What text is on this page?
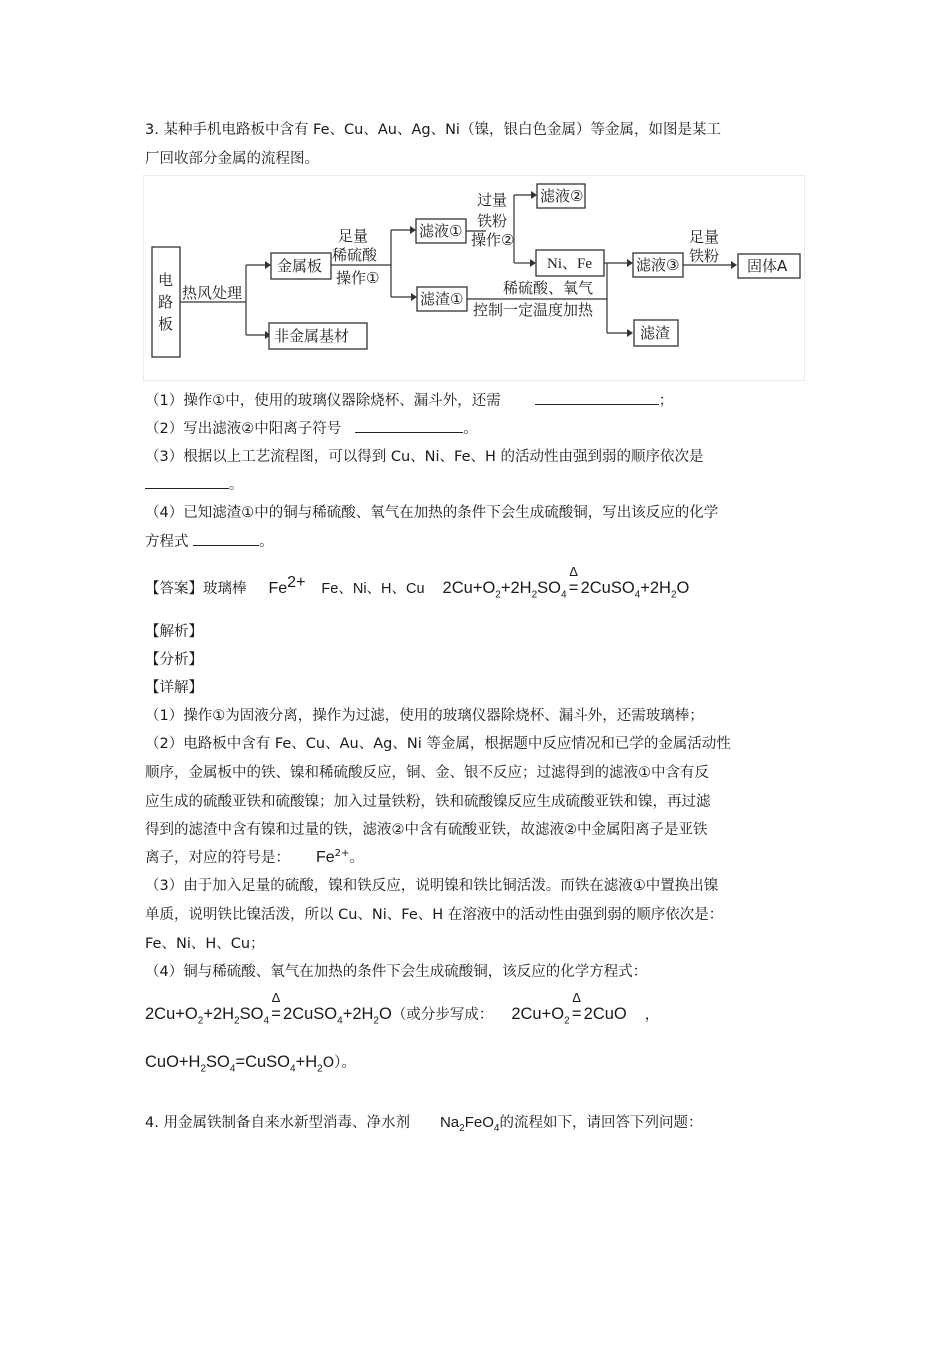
3. 某种手机电路板中含有 Fe、Cu、Au、Ag、Ni（镍，银白色金属）等金属，如图是某工
厂回收部分金属的流程图。
电
路
板
热风处理
金属板
非金属基材
足量
稀硫酸
操作①
滤液①
滤渣①
过量
铁粉
操作②
滤液②
Ni、Fe
稀硫酸、氧气
控制一定温度加热
滤液③
滤渣
足量
铁粉
固体A
（1）操作①中，使用的玻璃仪器除烧杯、漏斗外，还需	；
（2）写出滤液②中阳离子符号	。
（3）根据以上工艺流程图，可以得到 Cu、Ni、Fe、H 的活动性由强到弱的顺序依次是
。
（4）已知滤渣①中的铜与稀硫酸、氧气在加热的条件下会生成硫酸铜，写出该反应的化学
方程式	。
【答案】玻璃棒 $Fe^{2+}$ Fe、Ni、H、Cu $2Cu+O_2+2H_2SO_4$
Δ
= $2CuSO_4+2H_2O$
【解析】
【分析】
【详解】
（1）操作①为固液分离，操作为过滤，使用的玻璃仪器除烧杯、漏斗外，还需玻璃棒；
（2）电路板中含有 Fe、Cu、Au、Ag、Ni 等金属，根据题中反应情况和已学的金属活动性
顺序，金属板中的铁、镍和稀硫酸反应，铜、金、银不反应；过滤得到的滤液①中含有反
应生成的硫酸亚铁和硫酸镍；加入过量铁粉，铁和硫酸镍反应生成硫酸亚铁和镍，再过滤
得到的滤渣中含有镍和过量的铁，滤液②中含有硫酸亚铁，故滤液②中金属阳离子是亚铁
离子，对应的符号是： $Fe^{2+}$。
（3）由于加入足量的硫酸，镍和铁反应，说明镍和铁比铜活泼。而铁在滤液①中置换出镍
单质，说明铁比镍活泼，所以 Cu、Ni、Fe、H 在溶液中的活动性由强到弱的顺序依次是：
Fe、Ni、H、Cu；
（4）铜与稀硫酸、氧气在加热的条件下会生成硫酸铜，该反应的化学方程式：
$2Cu+O_2+2H_2SO_4$
Δ
= $2CuSO_4+2H_2O$（或分步写成： $2Cu+O_2$
Δ
= 2CuO ，
$CuO+H_2SO_4=CuSO_4+H_2O$）。
4. 用金属铁制备自来水新型消毒、净水剂 $Na_2FeO_4$的流程如下，请回答下列问题：
